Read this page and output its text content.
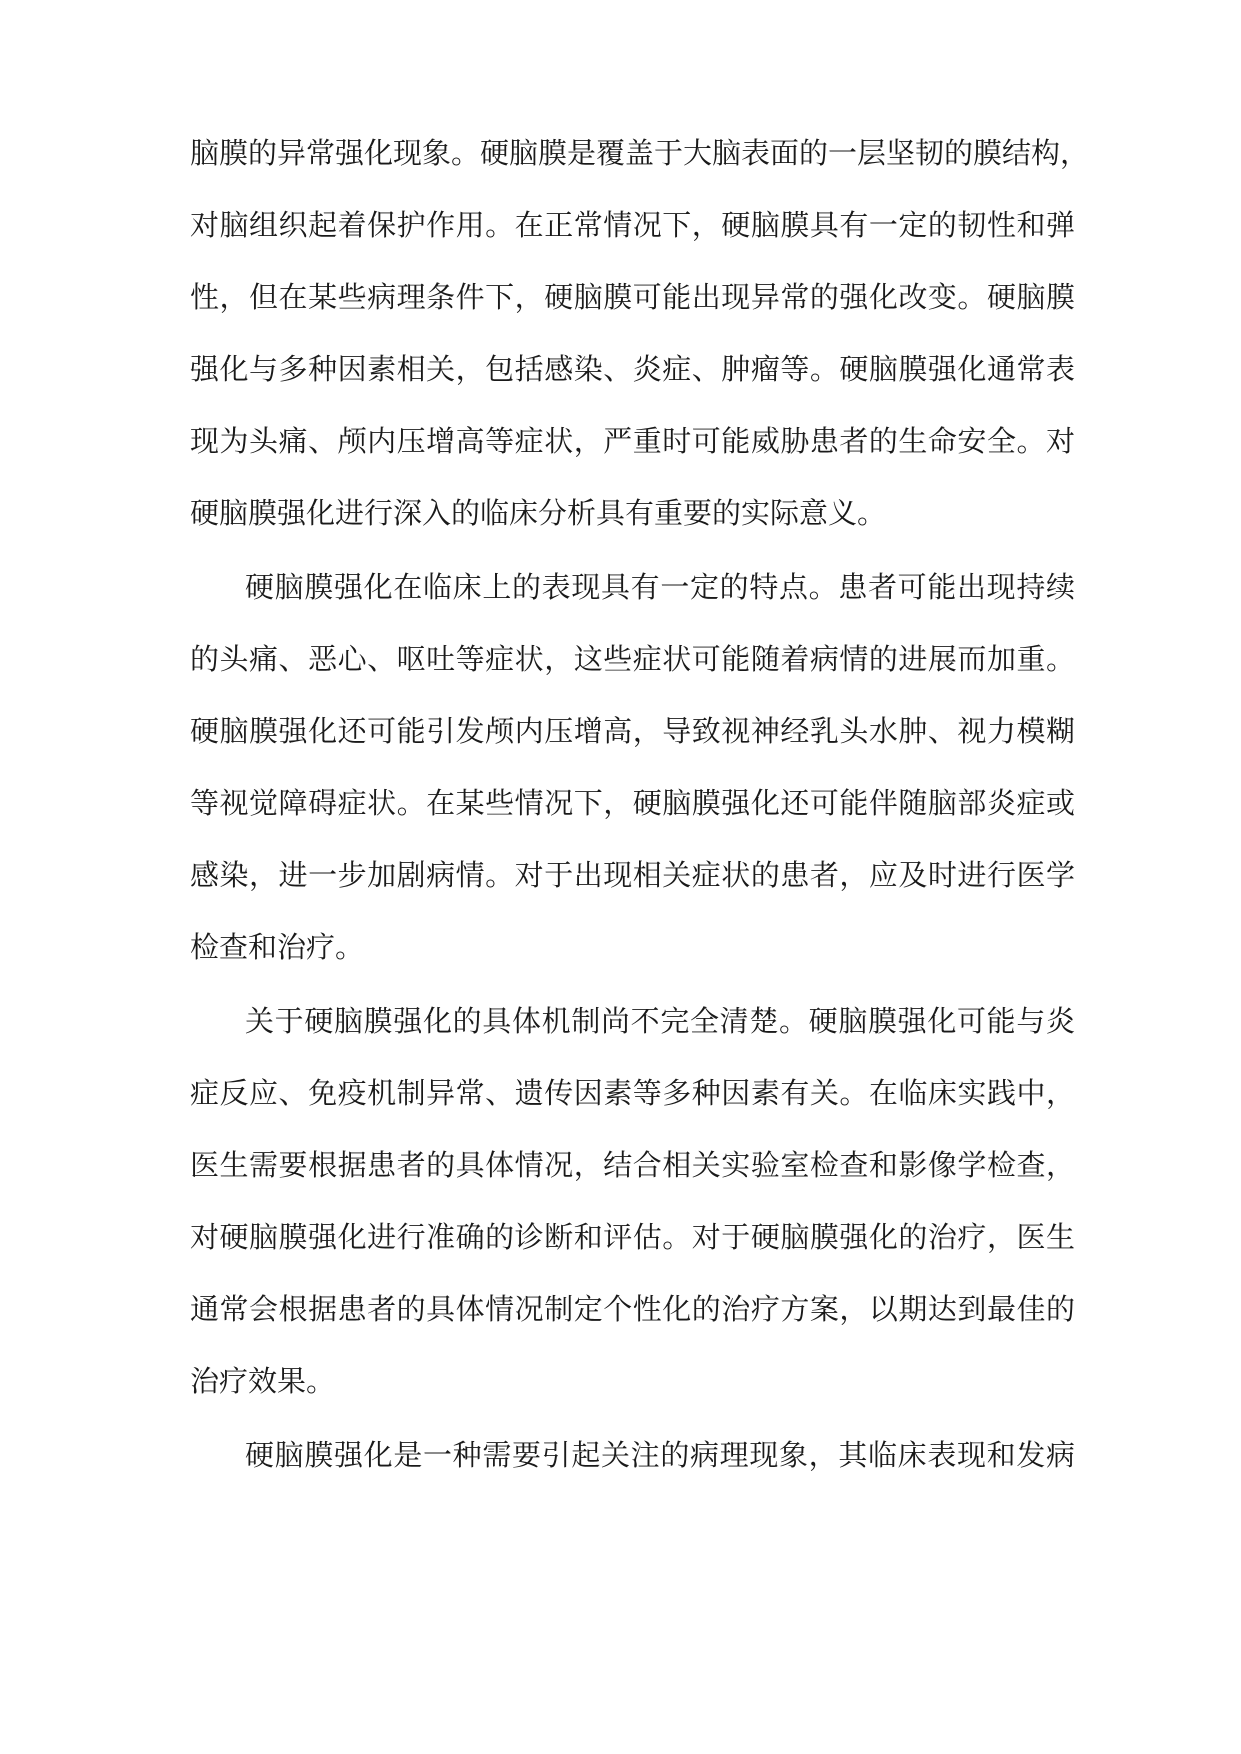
脑膜的异常强化现象。硬脑膜是覆盖于大脑表面的一层坚韧的膜结构，
对脑组织起着保护作用。在正常情况下，硬脑膜具有一定的韧性和弹
性，但在某些病理条件下，硬脑膜可能出现异常的强化改变。硬脑膜
强化与多种因素相关，包括感染、炎症、肿瘤等。硬脑膜强化通常表
现为头痛、颅内压增高等症状，严重时可能威胁患者的生命安全。对
硬脑膜强化进行深入的临床分析具有重要的实际意义。
硬脑膜强化在临床上的表现具有一定的特点。患者可能出现持续
的头痛、恶心、呕吐等症状，这些症状可能随着病情的进展而加重。
硬脑膜强化还可能引发颅内压增高，导致视神经乳头水肿、视力模糊
等视觉障碍症状。在某些情况下，硬脑膜强化还可能伴随脑部炎症或
感染，进一步加剧病情。对于出现相关症状的患者，应及时进行医学
检查和治疗。
关于硬脑膜强化的具体机制尚不完全清楚。硬脑膜强化可能与炎
症反应、免疫机制异常、遗传因素等多种因素有关。在临床实践中，
医生需要根据患者的具体情况，结合相关实验室检查和影像学检查，
对硬脑膜强化进行准确的诊断和评估。对于硬脑膜强化的治疗，医生
通常会根据患者的具体情况制定个性化的治疗方案，以期达到最佳的
治疗效果。
硬脑膜强化是一种需要引起关注的病理现象，其临床表现和发病
